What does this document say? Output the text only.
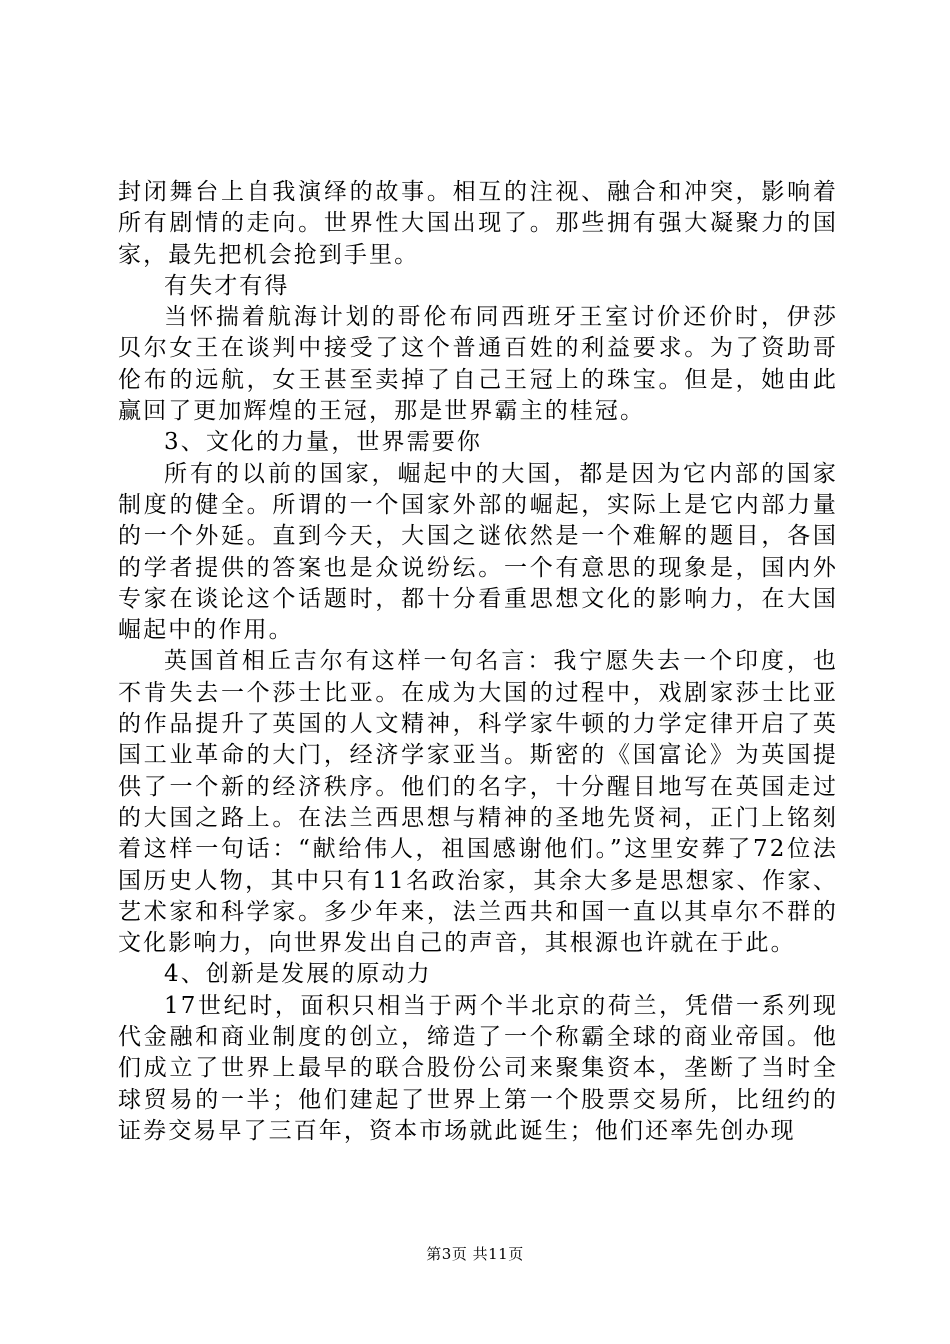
封闭舞台上自我演绎的故事。相互的注视、融合和冲突，影响着所有剧情的走向。世界性大国出现了。那些拥有强大凝聚力的国家，最先把机会抢到手里。

有失才有得

当怀揣着航海计划的哥伦布同西班牙王室讨价还价时，伊莎贝尔女王在谈判中接受了这个普通百姓的利益要求。为了资助哥伦布的远航，女王甚至卖掉了自己王冠上的珠宝。但是，她由此赢回了更加辉煌的王冠，那是世界霸主的桂冠。

3、文化的力量，世界需要你

所有的以前的国家，崛起中的大国，都是因为它内部的国家制度的健全。所谓的一个国家外部的崛起，实际上是它内部力量的一个外延。直到今天，大国之谜依然是一个难解的题目，各国的学者提供的答案也是众说纷纭。一个有意思的现象是，国内外专家在谈论这个话题时，都十分看重思想文化的影响力，在大国崛起中的作用。

英国首相丘吉尔有这样一句名言：我宁愿失去一个印度，也不肯失去一个莎士比亚。在成为大国的过程中，戏剧家莎士比亚的作品提升了英国的人文精神，科学家牛顿的力学定律开启了英国工业革命的大门，经济学家亚当。斯密的《国富论》为英国提供了一个新的经济秩序。他们的名字，十分醒目地写在英国走过的大国之路上。在法兰西思想与精神的圣地先贤祠，正门上铭刻着这样一句话：“献给伟人，祖国感谢他们。”这里安葬了72位法国历史人物，其中只有11名政治家，其余大多是思想家、作家、艺术家和科学家。多少年来，法兰西共和国一直以其卓尔不群的文化影响力，向世界发出自己的声音，其根源也许就在于此。

4、创新是发展的原动力

17世纪时，面积只相当于两个半北京的荷兰，凭借一系列现代金融和商业制度的创立，缔造了一个称霸全球的商业帝国。他们成立了世界上最早的联合股份公司来聚集资本，垄断了当时全球贸易的一半；他们建起了世界上第一个股票交易所，比纽约的证券交易早了三百年，资本市场就此诞生；他们还率先创办现

第3页 共11页
